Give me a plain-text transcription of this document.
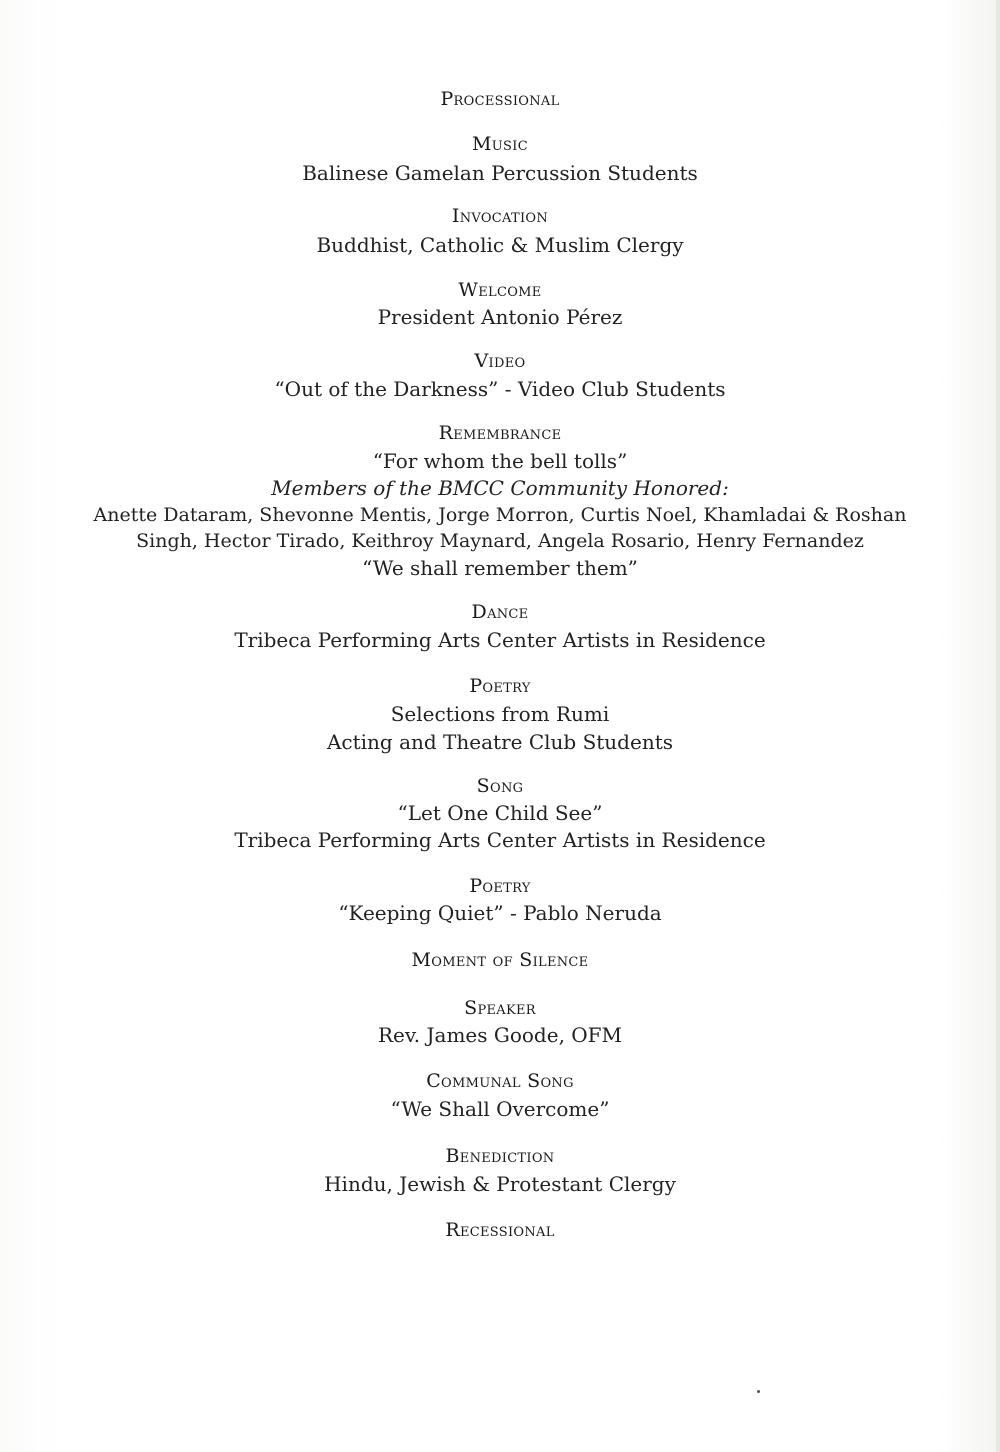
Processional
Music
Balinese Gamelan Percussion Students
Invocation
Buddhist, Catholic & Muslim Clergy
Welcome
President Antonio Pérez
Video
“Out of the Darkness” - Video Club Students
Remembrance
“For whom the bell tolls”
Members of the BMCC Community Honored:
Anette Dataram, Shevonne Mentis, Jorge Morron, Curtis Noel, Khamladai & Roshan
Singh, Hector Tirado, Keithroy Maynard, Angela Rosario, Henry Fernandez
“We shall remember them”
Dance
Tribeca Performing Arts Center Artists in Residence
Poetry
Selections from Rumi
Acting and Theatre Club Students
Song
“Let One Child See”
Tribeca Performing Arts Center Artists in Residence
Poetry
“Keeping Quiet” - Pablo Neruda
Moment of Silence
Speaker
Rev. James Goode, OFM
Communal Song
“We Shall Overcome”
Benediction
Hindu, Jewish & Protestant Clergy
Recessional
